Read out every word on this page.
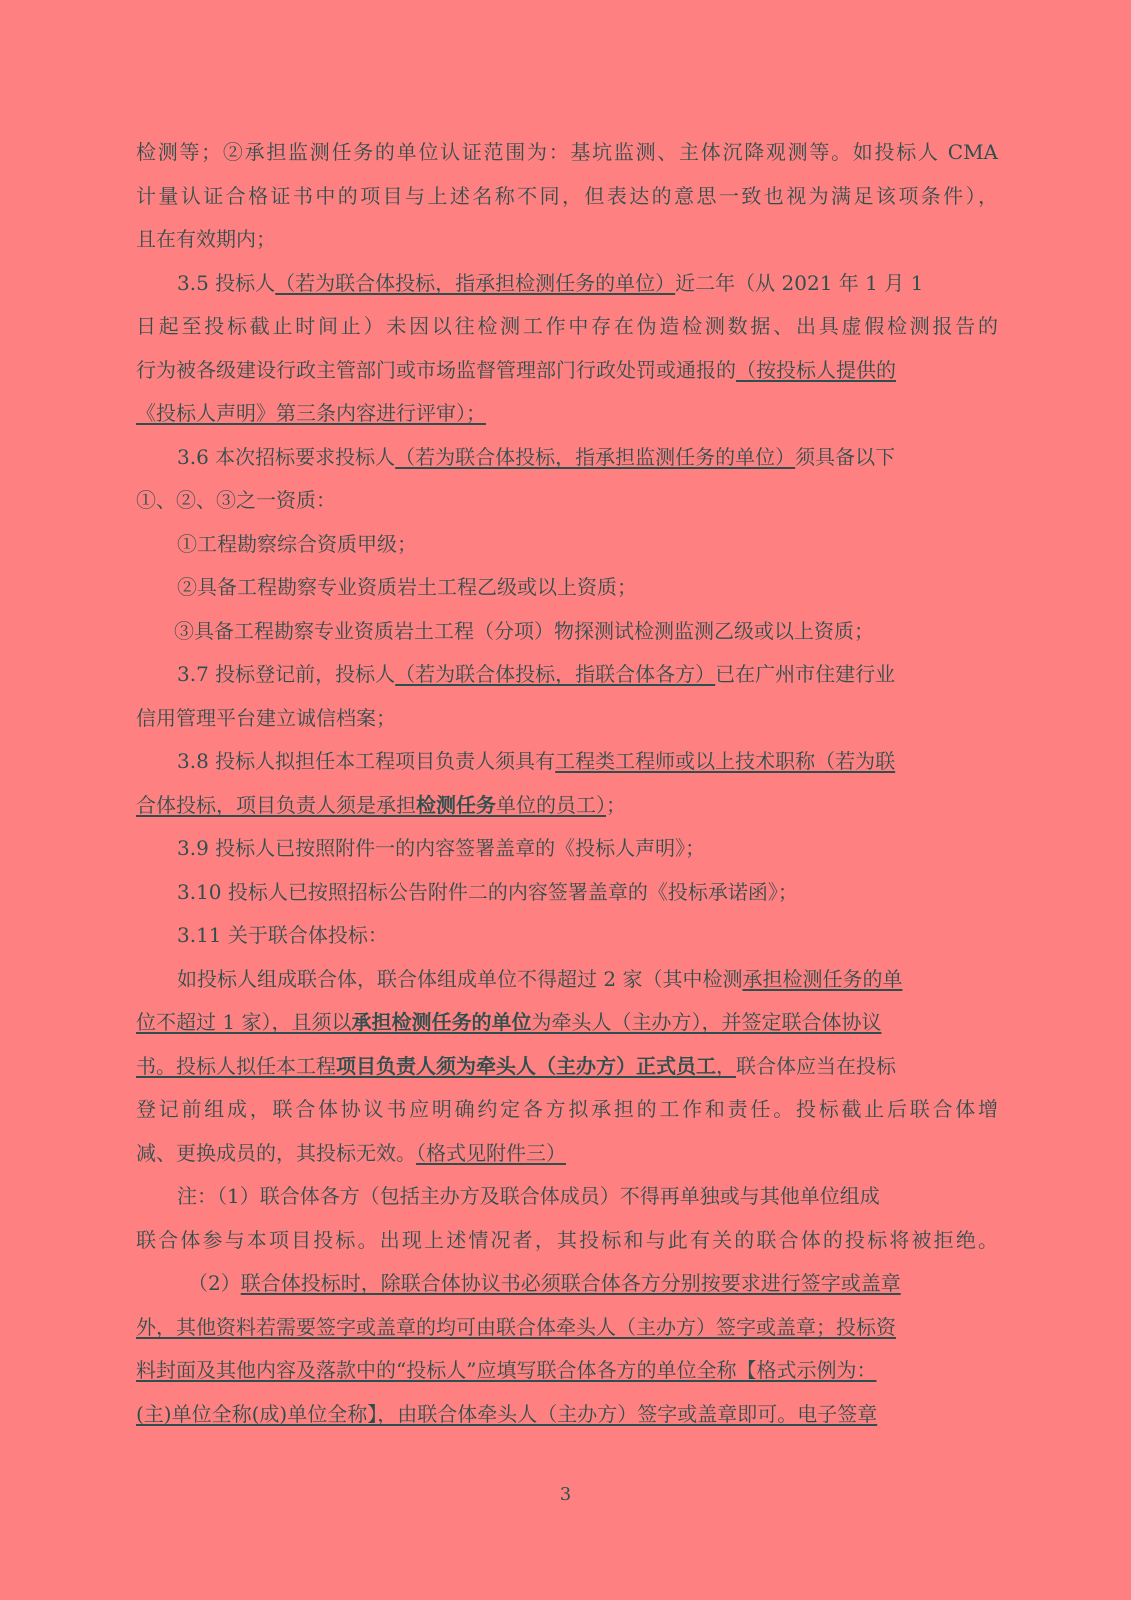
检测等；②承担监测任务的单位认证范围为：基坑监测、主体沉降观测等。如投标人 CMA
计量认证合格证书中的项目与上述名称不同，但表达的意思一致也视为满足该项条件），
且在有效期内；
3.5 投标人（若为联合体投标，指承担检测任务的单位）近二年（从 2021 年 1 月 1
日起至投标截止时间止）未因以往检测工作中存在伪造检测数据、出具虚假检测报告的
行为被各级建设行政主管部门或市场监督管理部门行政处罚或通报的（按投标人提供的
《投标人声明》第三条内容进行评审）；
3.6 本次招标要求投标人（若为联合体投标，指承担监测任务的单位）须具备以下
①、②、③之一资质：
①工程勘察综合资质甲级；
②具备工程勘察专业资质岩土工程乙级或以上资质；
③具备工程勘察专业资质岩土工程（分项）物探测试检测监测乙级或以上资质；
3.7 投标登记前，投标人（若为联合体投标，指联合体各方）已在广州市住建行业
信用管理平台建立诚信档案；
3.8 投标人拟担任本工程项目负责人须具有工程类工程师或以上技术职称（若为联
合体投标，项目负责人须是承担检测任务单位的员工）；
3.9 投标人已按照附件一的内容签署盖章的《投标人声明》；
3.10 投标人已按照招标公告附件二的内容签署盖章的《投标承诺函》；
3.11 关于联合体投标：
如投标人组成联合体，联合体组成单位不得超过 2 家（其中检测承担检测任务的单
位不超过 1 家），且须以承担检测任务的单位为牵头人（主办方），并签定联合体协议
书。投标人拟任本工程项目负责人须为牵头人（主办方）正式员工，联合体应当在投标
登记前组成，联合体协议书应明确约定各方拟承担的工作和责任。投标截止后联合体增
减、更换成员的，其投标无效。（格式见附件三）
注：（1）联合体各方（包括主办方及联合体成员）不得再单独或与其他单位组成
联合体参与本项目投标。出现上述情况者，其投标和与此有关的联合体的投标将被拒绝。
（2）联合体投标时，除联合体协议书必须联合体各方分别按要求进行签字或盖章
外，其他资料若需要签字或盖章的均可由联合体牵头人（主办方）签字或盖章；投标资
料封面及其他内容及落款中的“投标人”应填写联合体各方的单位全称【格式示例为：
(主)单位全称(成)单位全称】，由联合体牵头人（主办方）签字或盖章即可。电子签章
3
